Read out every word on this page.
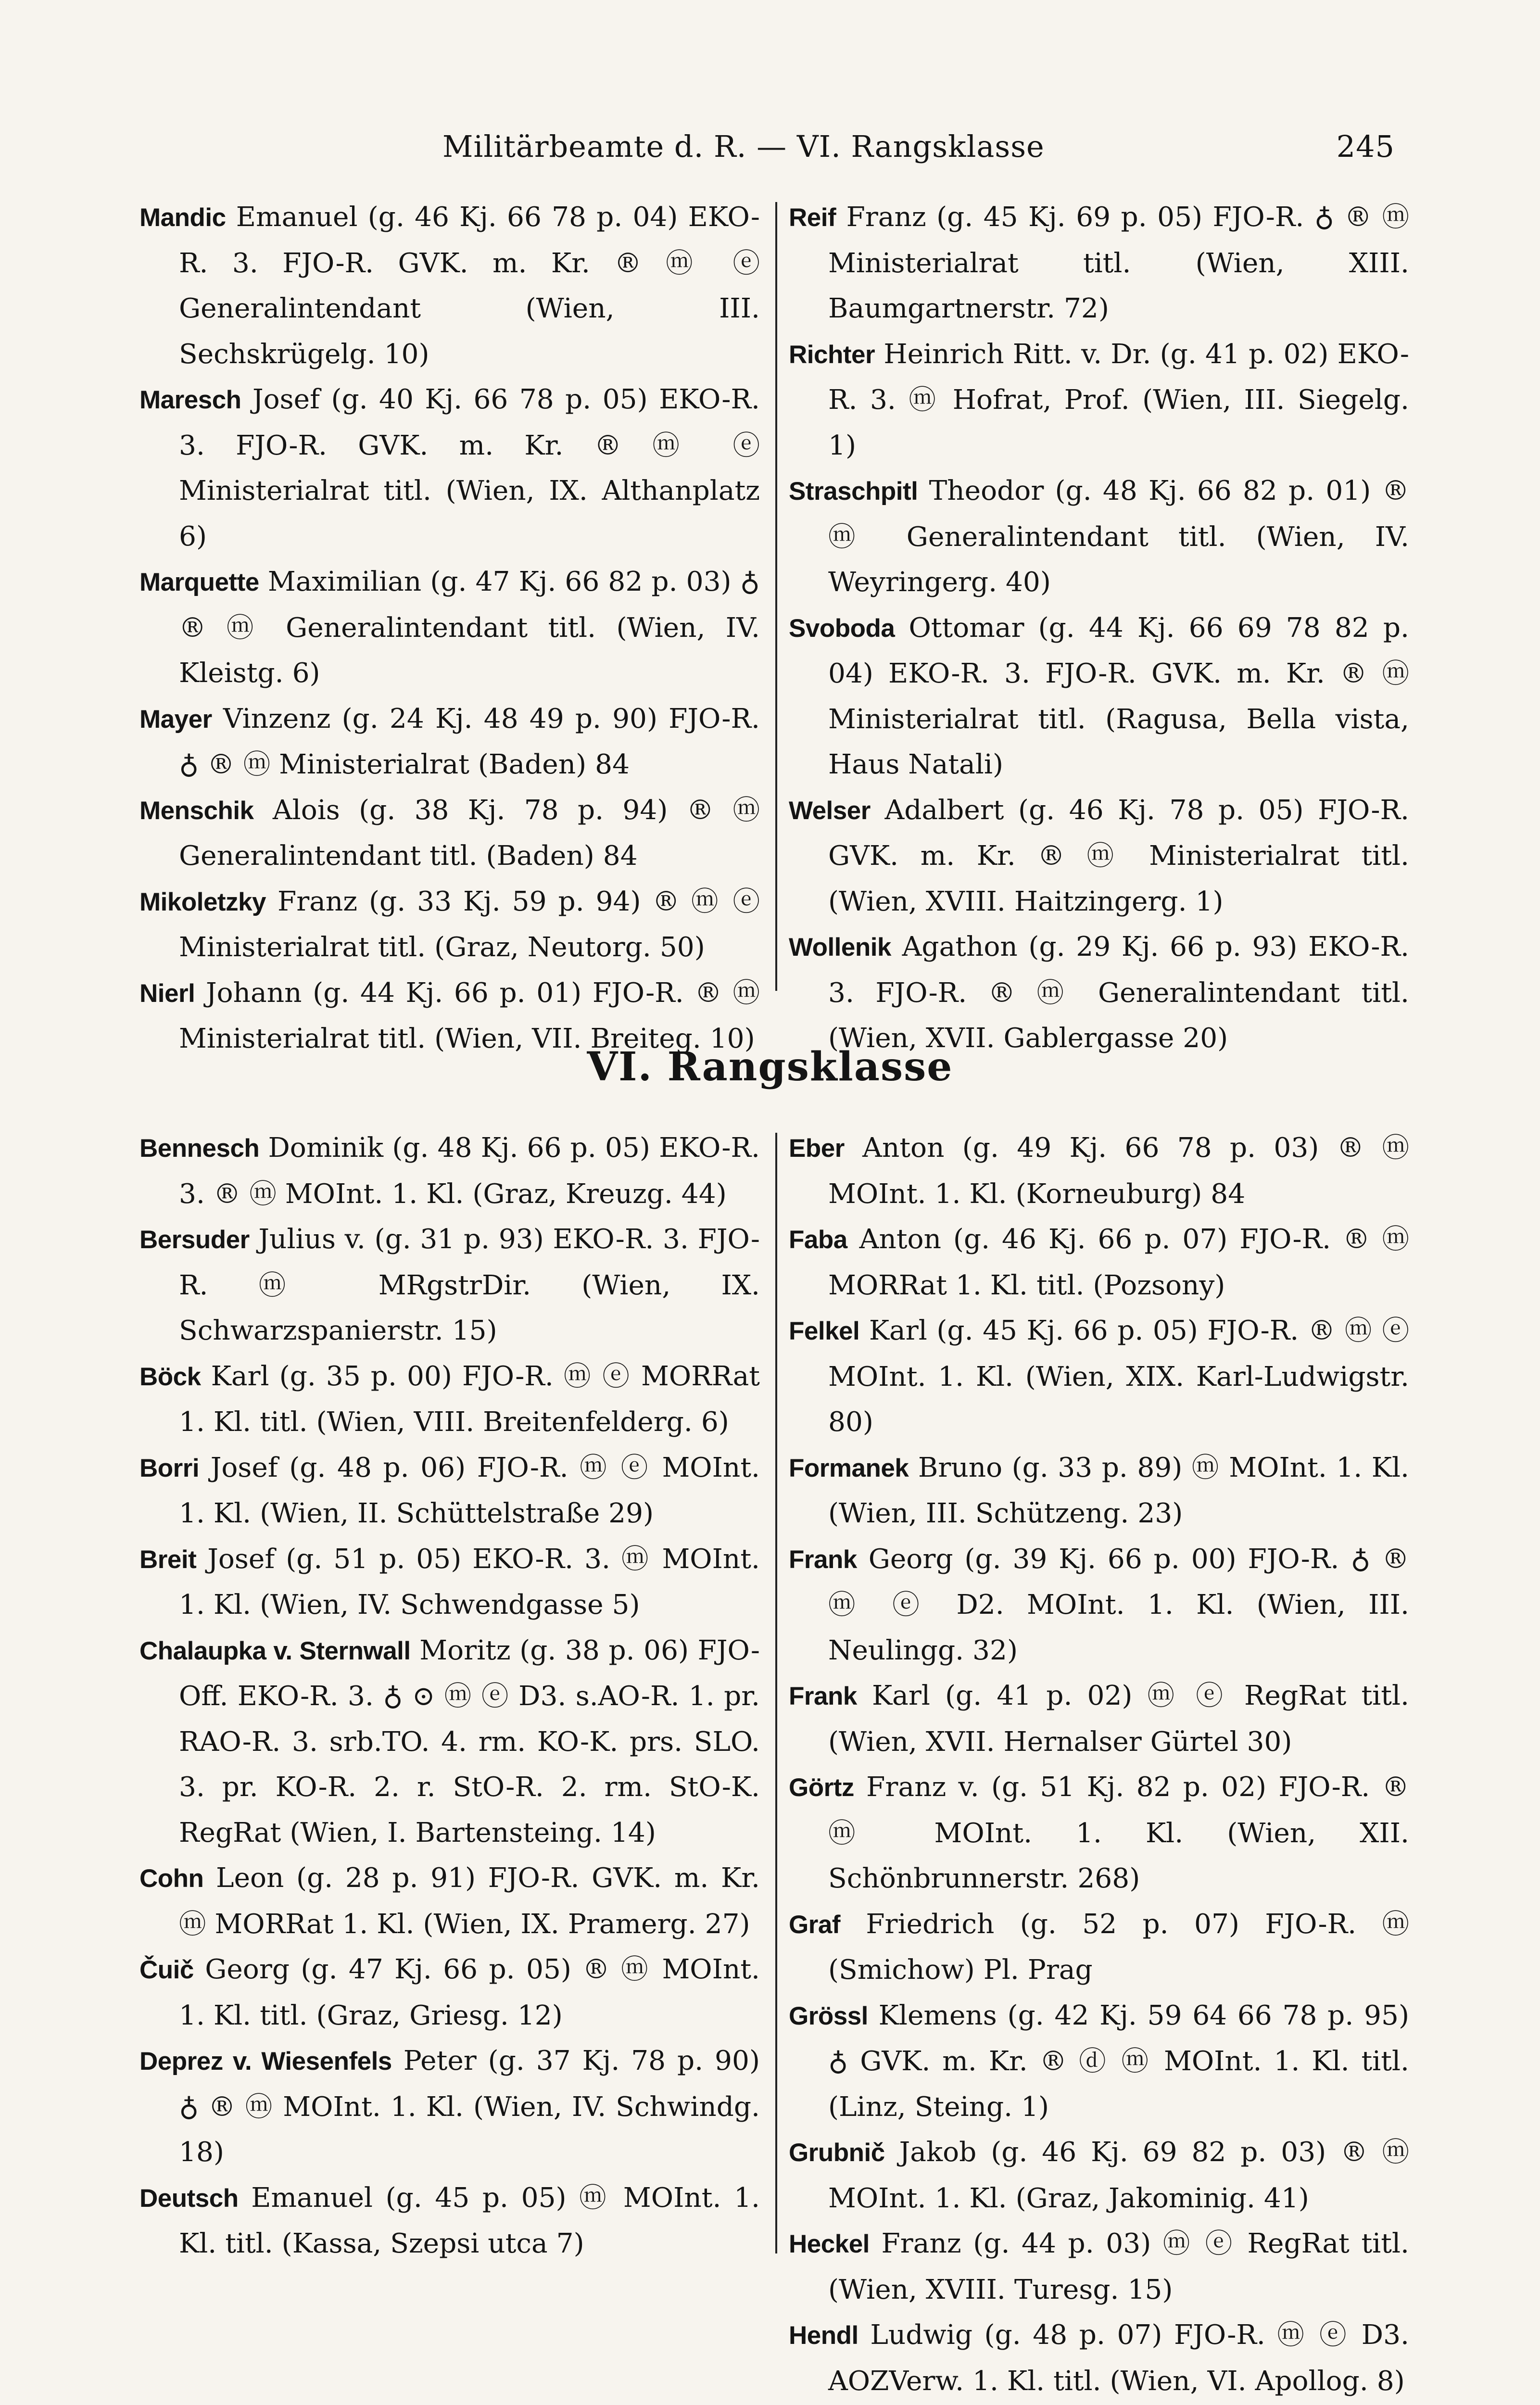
Militärbeamte d. R. — VI. Rangsklasse	245

Mandic Emanuel (g. 46 Kj. 66 78 p. 04) EKO-R. 3. FJO-R. GVK. m. Kr. ® ⓜ ⓔ Generalintendant (Wien, III. Sechskrügelg. 10)

Maresch Josef (g. 40 Kj. 66 78 p. 05) EKO-R. 3. FJO-R. GVK. m. Kr. ® ⓜ ⓔ Ministerialrat titl. (Wien, IX. Althanplatz 6)

Marquette Maximilian (g. 47 Kj. 66 82 p. 03) ♁ ® ⓜ Generalintendant titl. (Wien, IV. Kleistg. 6)

Mayer Vinzenz (g. 24 Kj. 48 49 p. 90) FJO-R. ♁ ® ⓜ Ministerialrat (Baden) 84

Menschik Alois (g. 38 Kj. 78 p. 94) ® ⓜ Generalintendant titl. (Baden) 84

Mikoletzky Franz (g. 33 Kj. 59 p. 94) ® ⓜ ⓔ Ministerialrat titl. (Graz, Neutorg. 50)

Nierl Johann (g. 44 Kj. 66 p. 01) FJO-R. ® ⓜ Ministerialrat titl. (Wien, VII. Breiteg. 10)

Reif Franz (g. 45 Kj. 69 p. 05) FJO-R. ♁ ® ⓜ Ministerialrat titl. (Wien, XIII. Baumgartnerstr. 72)

Richter Heinrich Ritt. v. Dr. (g. 41 p. 02) EKO-R. 3. ⓜ Hofrat, Prof. (Wien, III. Siegelg. 1)

Straschpitl Theodor (g. 48 Kj. 66 82 p. 01) ® ⓜ Generalintendant titl. (Wien, IV. Weyringerg. 40)

Svoboda Ottomar (g. 44 Kj. 66 69 78 82 p. 04) EKO-R. 3. FJO-R. GVK. m. Kr. ® ⓜ Ministerialrat titl. (Ragusa, Bella vista, Haus Natali)

Welser Adalbert (g. 46 Kj. 78 p. 05) FJO-R. GVK. m. Kr. ® ⓜ Ministerialrat titl. (Wien, XVIII. Haitzingerg. 1)

Wollenik Agathon (g. 29 Kj. 66 p. 93) EKO-R. 3. FJO-R. ® ⓜ Generalintendant titl. (Wien, XVII. Gablergasse 20)

VI. Rangsklasse

Bennesch Dominik (g. 48 Kj. 66 p. 05) EKO-R. 3. ® ⓜ MOInt. 1. Kl. (Graz, Kreuzg. 44)

Bersuder Julius v. (g. 31 p. 93) EKO-R. 3. FJO-R. ⓜ MRgstrDir. (Wien, IX. Schwarzspanierstr. 15)

Böck Karl (g. 35 p. 00) FJO-R. ⓜ ⓔ MORRat 1. Kl. titl. (Wien, VIII. Breitenfelderg. 6)

Borri Josef (g. 48 p. 06) FJO-R. ⓜ ⓔ MOInt. 1. Kl. (Wien, II. Schüttelstraße 29)

Breit Josef (g. 51 p. 05) EKO-R. 3. ⓜ MOInt. 1. Kl. (Wien, IV. Schwendgasse 5)

Chalaupka v. Sternwall Moritz (g. 38 p. 06) FJO-Off. EKO-R. 3. ♁ ⊙ ⓜ ⓔ D3. s.AO-R. 1. pr. RAO-R. 3. srb.TO. 4. rm. KO-K. prs. SLO. 3. pr. KO-R. 2. r. StO-R. 2. rm. StO-K. RegRat (Wien, I. Bartensteing. 14)

Cohn Leon (g. 28 p. 91) FJO-R. GVK. m. Kr. ⓜ MORRat 1. Kl. (Wien, IX. Pramerg. 27)

Čuič Georg (g. 47 Kj. 66 p. 05) ® ⓜ MOInt. 1. Kl. titl. (Graz, Griesg. 12)

Deprez v. Wiesenfels Peter (g. 37 Kj. 78 p. 90) ♁ ® ⓜ MOInt. 1. Kl. (Wien, IV. Schwindg. 18)

Deutsch Emanuel (g. 45 p. 05) ⓜ MOInt. 1. Kl. titl. (Kassa, Szepsi utca 7)

Eber Anton (g. 49 Kj. 66 78 p. 03) ® ⓜ MOInt. 1. Kl. (Korneuburg) 84

Faba Anton (g. 46 Kj. 66 p. 07) FJO-R. ® ⓜ MORRat 1. Kl. titl. (Pozsony)

Felkel Karl (g. 45 Kj. 66 p. 05) FJO-R. ® ⓜ ⓔ MOInt. 1. Kl. (Wien, XIX. Karl-Ludwigstr. 80)

Formanek Bruno (g. 33 p. 89) ⓜ MOInt. 1. Kl. (Wien, III. Schützeng. 23)

Frank Georg (g. 39 Kj. 66 p. 00) FJO-R. ♁ ® ⓜ ⓔ D2. MOInt. 1. Kl. (Wien, III. Neulingg. 32)

Frank Karl (g. 41 p. 02) ⓜ ⓔ RegRat titl. (Wien, XVII. Hernalser Gürtel 30)

Görtz Franz v. (g. 51 Kj. 82 p. 02) FJO-R. ® ⓜ MOInt. 1. Kl. (Wien, XII. Schönbrunnerstr. 268)

Graf Friedrich (g. 52 p. 07) FJO-R. ⓜ (Smichow) Pl. Prag

Grössl Klemens (g. 42 Kj. 59 64 66 78 p. 95) ♁ GVK. m. Kr. ® ⓓ ⓜ MOInt. 1. Kl. titl. (Linz, Steing. 1)

Grubnič Jakob (g. 46 Kj. 69 82 p. 03) ® ⓜ MOInt. 1. Kl. (Graz, Jakominig. 41)

Heckel Franz (g. 44 p. 03) ⓜ ⓔ RegRat titl. (Wien, XVIII. Turesg. 15)

Hendl Ludwig (g. 48 p. 07) FJO-R. ⓜ ⓔ D3. AOZVerw. 1. Kl. titl. (Wien, VI. Apollog. 8)
